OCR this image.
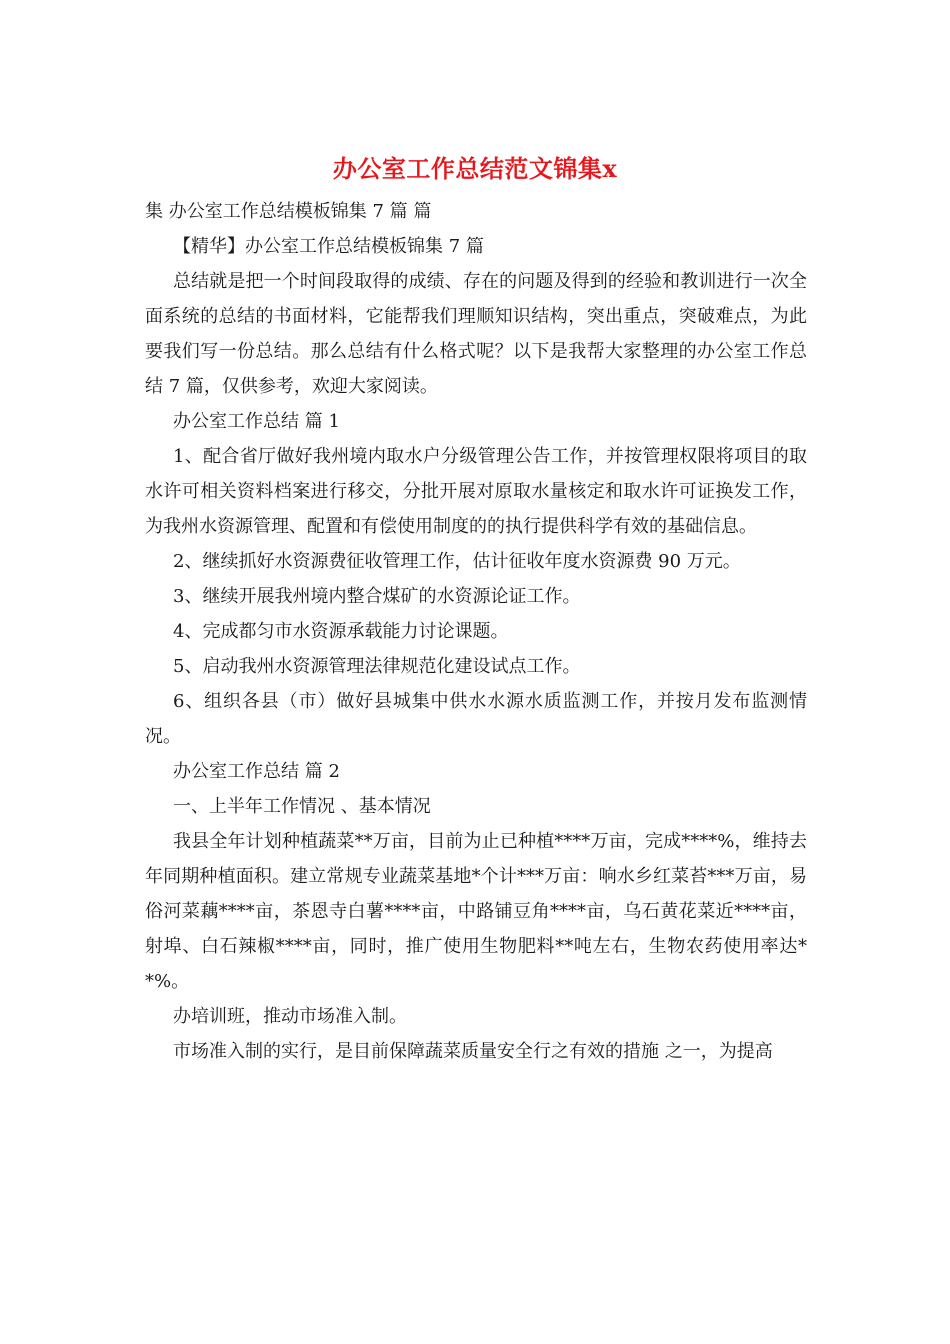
办公室工作总结范文锦集x

集 办公室工作总结模板锦集 7 篇 篇

【精华】办公室工作总结模板锦集 7 篇

总结就是把一个时间段取得的成绩、存在的问题及得到的经验和教训进行一次全面系统的总结的书面材料，它能帮我们理顺知识结构，突出重点，突破难点，为此要我们写一份总结。那么总结有什么格式呢？以下是我帮大家整理的办公室工作总结 7 篇，仅供参考，欢迎大家阅读。

办公室工作总结 篇 1

1、配合省厅做好我州境内取水户分级管理公告工作，并按管理权限将项目的取水许可相关资料档案进行移交，分批开展对原取水量核定和取水许可证换发工作，为我州水资源管理、配置和有偿使用制度的的执行提供科学有效的基础信息。

2、继续抓好水资源费征收管理工作，估计征收年度水资源费 90 万元。

3、继续开展我州境内整合煤矿的水资源论证工作。

4、完成都匀市水资源承载能力讨论课题。

5、启动我州水资源管理法律规范化建设试点工作。

6、组织各县（市）做好县城集中供水水源水质监测工作，并按月发布监测情况。

办公室工作总结 篇 2

一、上半年工作情况 、基本情况

我县全年计划种植蔬菜**万亩，目前为止已种植****万亩，完成****%，维持去年同期种植面积。建立常规专业蔬菜基地*个计***万亩：响水乡红菜苔***万亩，易俗河菜藕****亩，茶恩寺白薯****亩，中路铺豆角****亩，乌石黄花菜近****亩，射埠、白石辣椒****亩，同时，推广使用生物肥料**吨左右，生物农药使用率达**%。

办培训班，推动市场准入制。

市场准入制的实行，是目前保障蔬菜质量安全行之有效的措施 之一，为提高
